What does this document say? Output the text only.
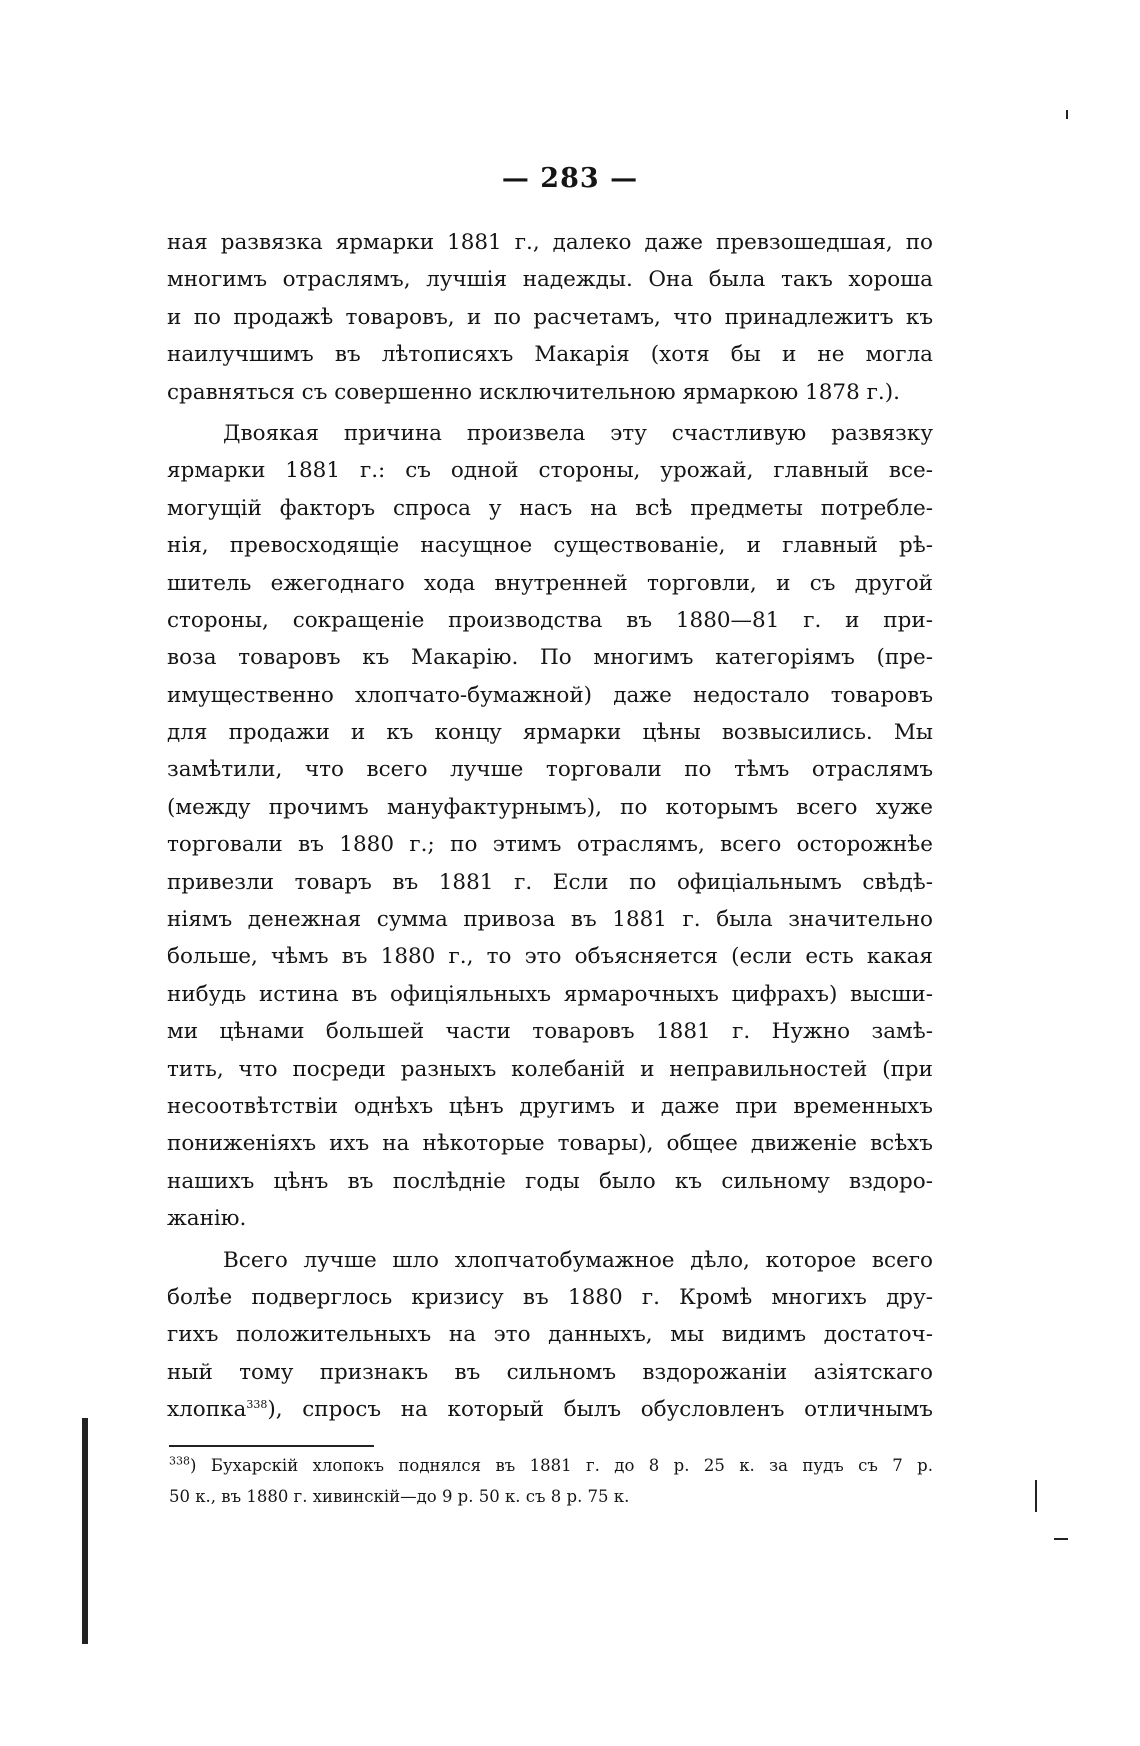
— 283 —
ная развязка ярмарки 1881 г., далеко даже превзошедшая, по
многимъ отраслямъ, лучшія надежды. Она была такъ хороша
и по продажѣ товаровъ, и по расчетамъ, что принадлежитъ къ
наилучшимъ въ лѣтописяхъ Макарія (хотя бы и не могла
сравняться съ совершенно исключительною ярмаркою 1878 г.).
Двоякая причина произвела эту счастливую развязку
ярмарки 1881 г.: съ одной стороны, урожай, главный все-
могущій факторъ спроса у насъ на всѣ предметы потребле-
нія, превосходящіе насущное существованіе, и главный рѣ-
шитель ежегоднаго хода внутренней торговли, и съ другой
стороны, сокращеніе производства въ 1880—81 г. и при-
воза товаровъ къ Макарію. По многимъ категоріямъ (пре-
имущественно хлопчато-бумажной) даже недостало товаровъ
для продажи и къ концу ярмарки цѣны возвысились. Мы
замѣтили, что всего лучше торговали по тѣмъ отраслямъ
(между прочимъ мануфактурнымъ), по которымъ всего хуже
торговали въ 1880 г.; по этимъ отраслямъ, всего осторожнѣе
привезли товаръ въ 1881 г. Если по офиціальнымъ свѣдѣ-
ніямъ денежная сумма привоза въ 1881 г. была значительно
больше, чѣмъ въ 1880 г., то это объясняется (если есть какая
нибудь истина въ офиціяльныхъ ярмарочныхъ цифрахъ) высши-
ми цѣнами большей части товаровъ 1881 г. Нужно замѣ-
тить, что посреди разныхъ колебаній и неправильностей (при
несоотвѣтствіи однѣхъ цѣнъ другимъ и даже при временныхъ
пониженіяхъ ихъ на нѣкоторые товары), общее движеніе всѣхъ
нашихъ цѣнъ въ послѣдніе годы было къ сильному вздоро-
жанію.
Всего лучше шло хлопчатобумажное дѣло, которое всего
болѣе подверглось кризису въ 1880 г. Кромѣ многихъ дру-
гихъ положительныхъ на это данныхъ, мы видимъ достаточ-
ный тому признакъ въ сильномъ вздорожаніи азіятскаго
хлопка$^{338}$), спросъ на который былъ обусловленъ отличнымъ
$^{338}$) Бухарскій хлопокъ поднялся въ 1881 г. до 8 р. 25 к. за пудъ съ 7 р.
50 к., въ 1880 г. хивинскій—до 9 р. 50 к. съ 8 р. 75 к.
